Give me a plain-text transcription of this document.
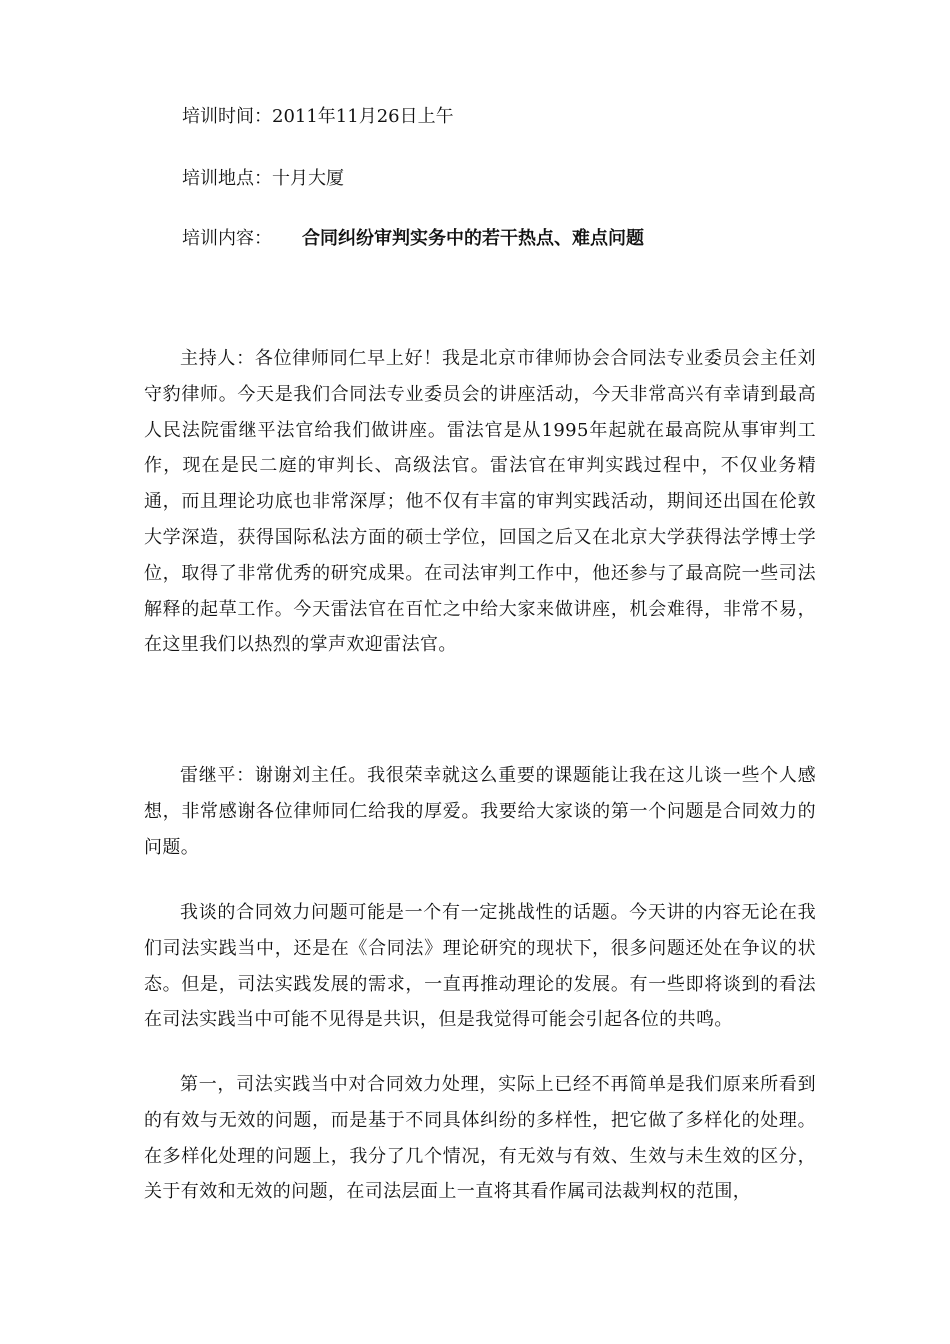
培训时间：2011年11月26日上午
培训地点：十月大厦
培训内容： 合同纠纷审判实务中的若干热点、难点问题

主持人：各位律师同仁早上好！我是北京市律师协会合同法专业委员会主任刘守豹律师。今天是我们合同法专业委员会的讲座活动，今天非常高兴有幸请到最高人民法院雷继平法官给我们做讲座。雷法官是从1995年起就在最高院从事审判工作，现在是民二庭的审判长、高级法官。雷法官在审判实践过程中，不仅业务精通，而且理论功底也非常深厚；他不仅有丰富的审判实践活动，期间还出国在伦敦大学深造，获得国际私法方面的硕士学位，回国之后又在北京大学获得法学博士学位，取得了非常优秀的研究成果。在司法审判工作中，他还参与了最高院一些司法解释的起草工作。今天雷法官在百忙之中给大家来做讲座，机会难得，非常不易，在这里我们以热烈的掌声欢迎雷法官。

雷继平：谢谢刘主任。我很荣幸就这么重要的课题能让我在这儿谈一些个人感想，非常感谢各位律师同仁给我的厚爱。我要给大家谈的第一个问题是合同效力的问题。

我谈的合同效力问题可能是一个有一定挑战性的话题。今天讲的内容无论在我们司法实践当中，还是在《合同法》理论研究的现状下，很多问题还处在争议的状态。但是，司法实践发展的需求，一直再推动理论的发展。有一些即将谈到的看法在司法实践当中可能不见得是共识，但是我觉得可能会引起各位的共鸣。

第一，司法实践当中对合同效力处理，实际上已经不再简单是我们原来所看到的有效与无效的问题，而是基于不同具体纠纷的多样性，把它做了多样化的处理。在多样化处理的问题上，我分了几个情况，有无效与有效、生效与未生效的区分，关于有效和无效的问题，在司法层面上一直将其看作属司法裁判权的范围，
